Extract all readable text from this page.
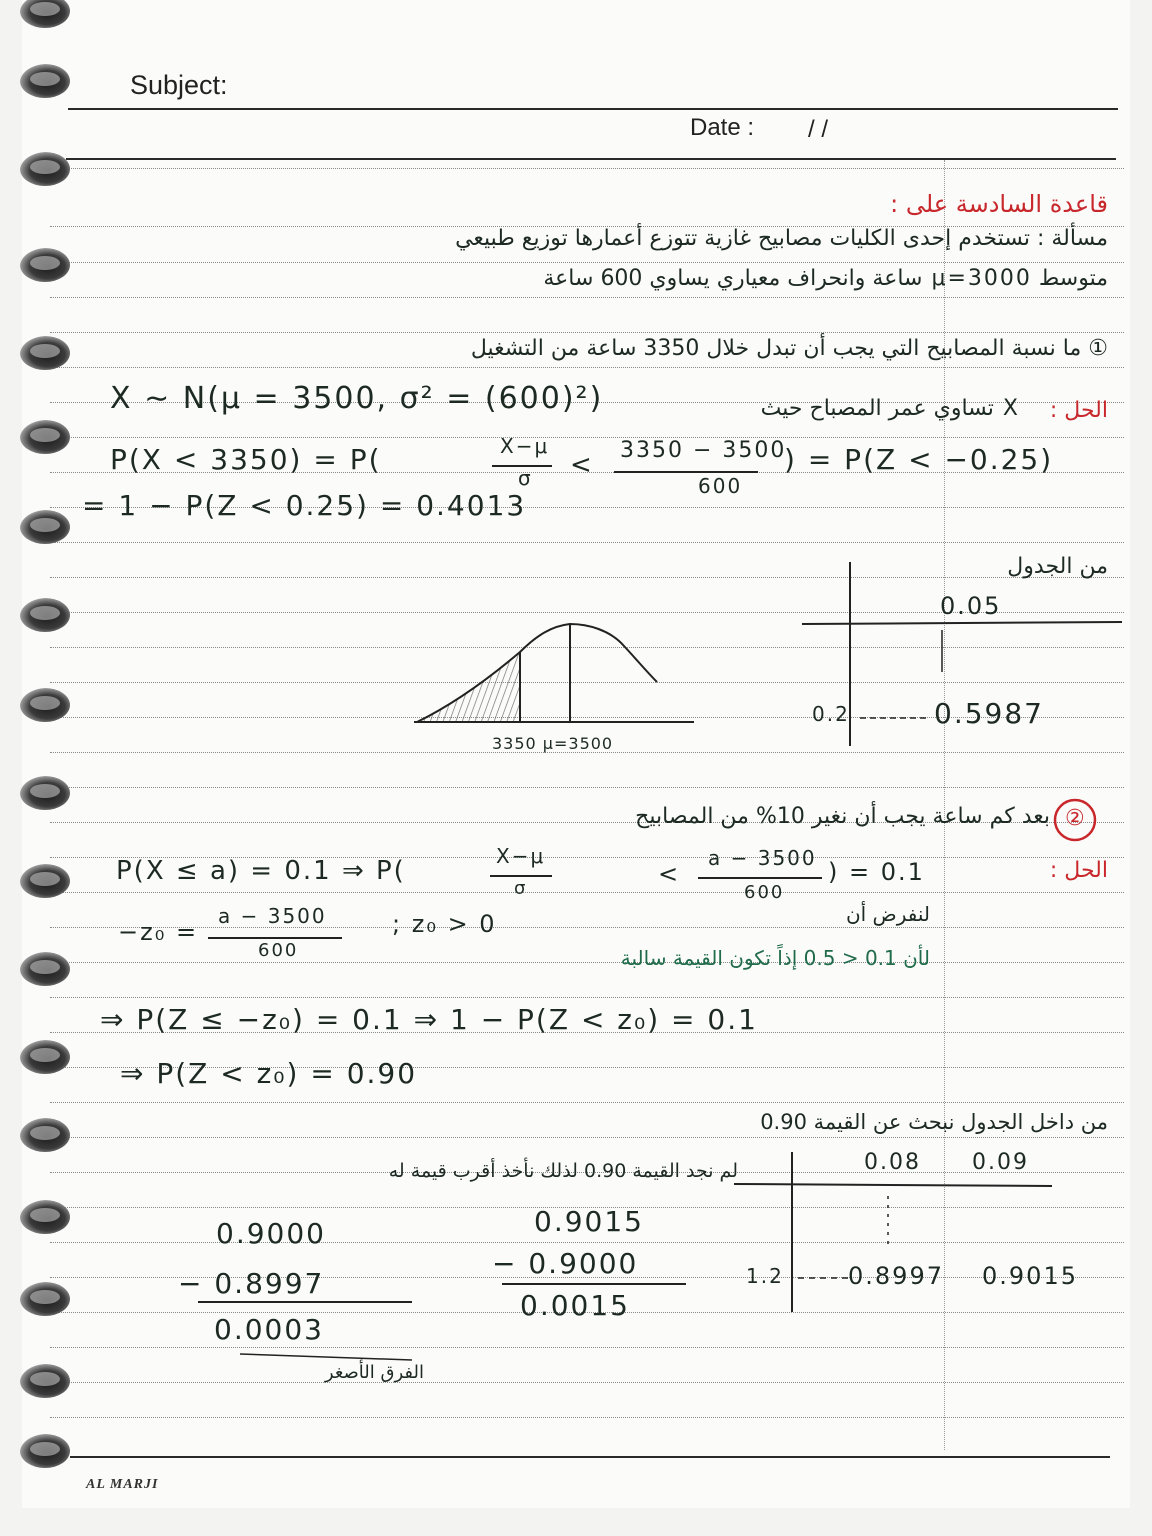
Subject:
Date : / /
قاعدة السادسة على :
مسألة : تستخدم إحدى الكليات مصابيح غازية تتوزع أعمارها توزيع طبيعي
متوسط μ=3000 ساعة وانحراف معياري يساوي 600 ساعة
① ما نسبة المصابيح التي يجب أن تبدل خلال 3350 ساعة من التشغيل
الحل :
X تساوي عمر المصباح حيث
X ∼ N(μ = 3500, σ² = (600)²)
P(X < 3350) = P(	X−μ
σ < 3350 − 3500
600
) = P(Z < −0.25)
= 1 − P(Z < 0.25) = 0.4013
من الجدول
0.05
0.2	0.5987
3350 μ=3500
②
بعد كم ساعة يجب أن نغير 10% من المصابيح
الحل :
P(X ≤ a) = 0.1 ⇒ P(	X−μ
σ
<
a − 3500
600
) = 0.1
لنفرض أن
−z₀ =
a − 3500
600
; z₀ > 0
لأن 0.1 < 0.5 إذاً تكون القيمة سالبة
⇒ P(Z ≤ −z₀) = 0.1 ⇒ 1 − P(Z < z₀) = 0.1
⇒ P(Z < z₀) = 0.90
من داخل الجدول نبحث عن القيمة 0.90
لم نجد القيمة 0.90 لذلك نأخذ أقرب قيمة له	0.08 0.09
1.2	0.8997 0.9015
0.9000
− 0.8997
0.0003
الفرق الأصغر
0.9015
− 0.9000
0.0015
AL MARJI
